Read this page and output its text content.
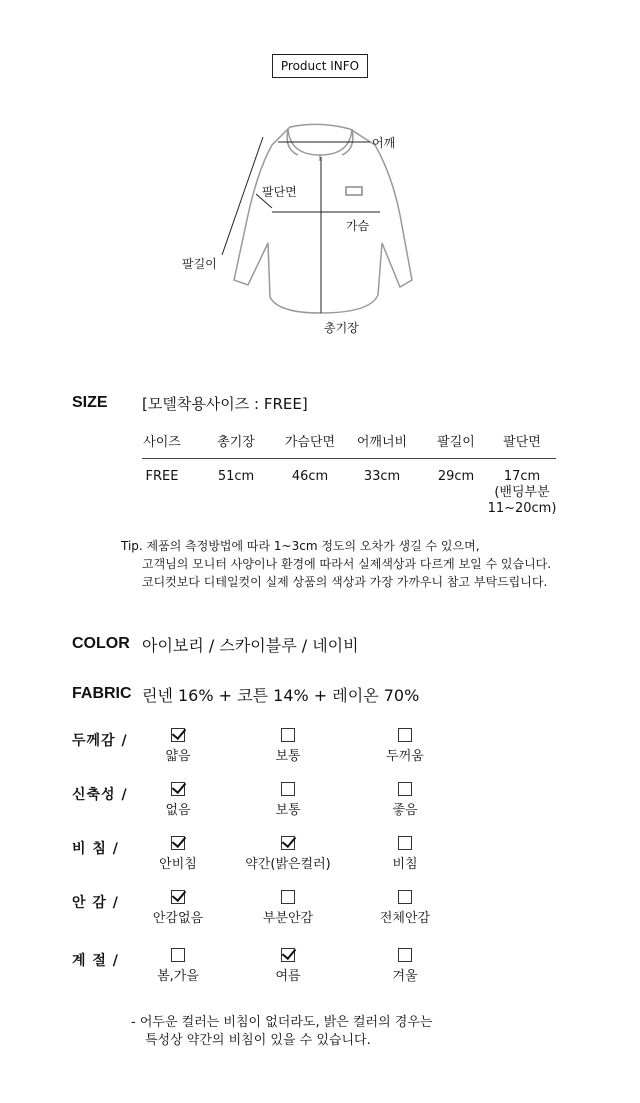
Product INFO
어깨
팔단면
가슴
팔길이
총기장
SIZE [모델착용사이즈 : FREE]
사이즈	총기장	가슴단면	어깨너비	팔길이	팔단면
FREE	51cm	46cm	33cm	29cm	17cm
(밴딩부분
11~20cm)
Tip. 제품의 측정방법에 따라 1~3cm 정도의 오차가 생길 수 있으며,
고객님의 모니터 사양이나 환경에 따라서 실제색상과 다르게 보일 수 있습니다.
코디컷보다 디테일컷이 실제 상품의 색상과 가장 가까우니 참고 부탁드립니다.
COLOR 아이보리 / 스카이블루 / 네이비
FABRIC 린넨 16% + 코튼 14% + 레이온 70%
두께감 /
얇음	보통	두꺼움
신축성 /
없음	보통	좋음
비 침 /
안비침	약간(밝은컬러)	비침
안 감 /
안감없음	부분안감	전체안감
계 절 /
봄,가을	여름	겨울
- 어두운 컬러는 비침이 없더라도, 밝은 컬러의 경우는
특성상 약간의 비침이 있을 수 있습니다.
